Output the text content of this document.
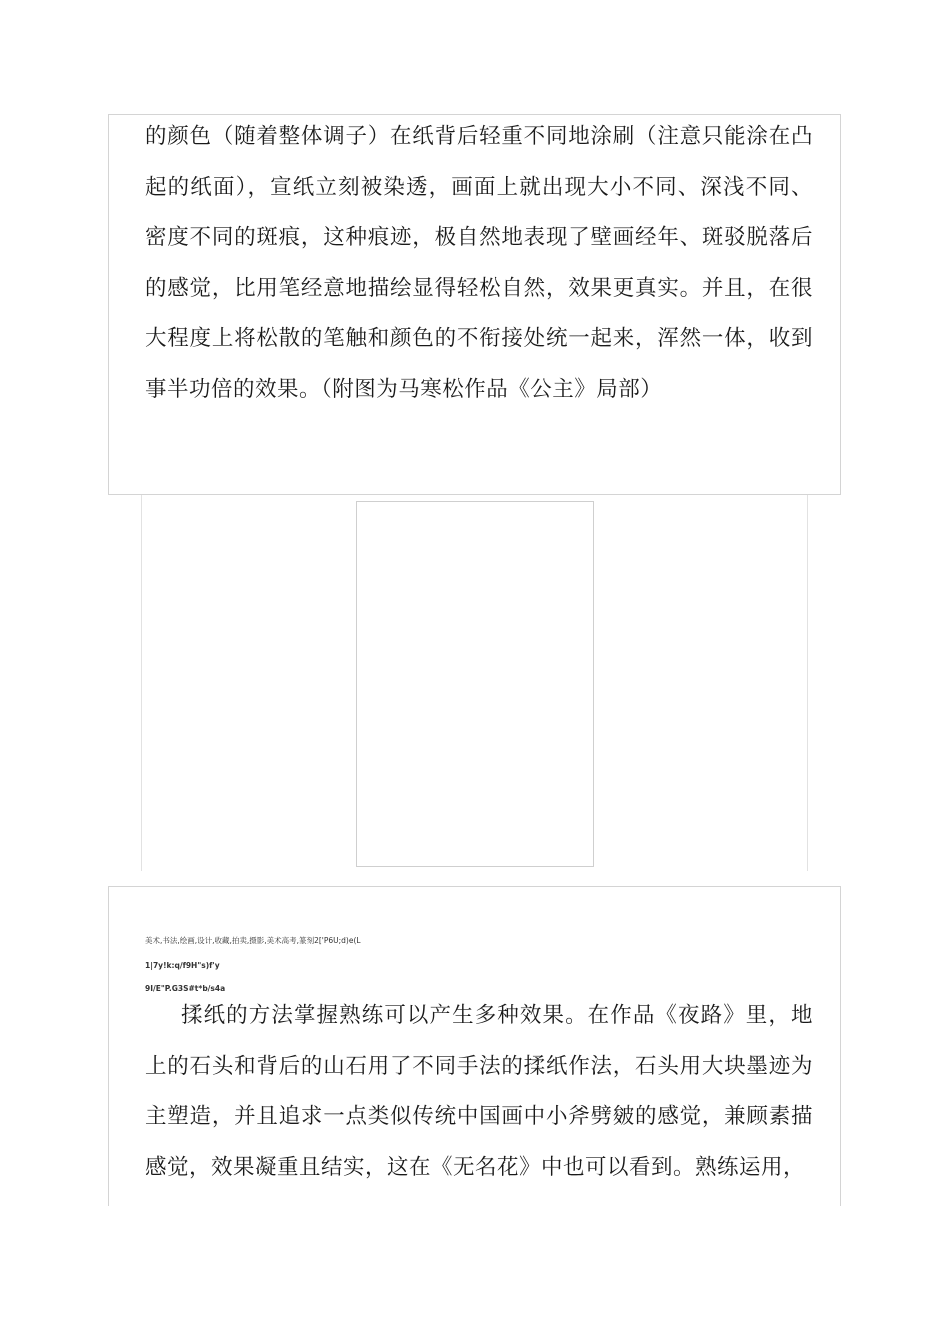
的颜色（随着整体调子）在纸背后轻重不同地涂刷（注意只能涂在凸起的纸面），宣纸立刻被染透，画面上就出现大小不同、深浅不同、密度不同的斑痕，这种痕迹，极自然地表现了壁画经年、斑驳脱落后的感觉，比用笔经意地描绘显得轻松自然，效果更真实。并且，在很大程度上将松散的笔触和颜色的不衔接处统一起来，浑然一体，收到事半功倍的效果。（附图为马寒松作品《公主》局部）

美术,书法,绘画,设计,收藏,拍卖,摄影,美术高考,篆刻2['P6U;d)e(L

1|7y!k:q/f9H"s)f'y

9I/E"P.G3S#t*b/s4a

揉纸的方法掌握熟练可以产生多种效果。在作品《夜路》里，地上的石头和背后的山石用了不同手法的揉纸作法，石头用大块墨迹为主塑造，并且追求一点类似传统中国画中小斧劈皴的感觉，兼顾素描感觉，效果凝重且结实，这在《无名花》中也可以看到。熟练运用，
